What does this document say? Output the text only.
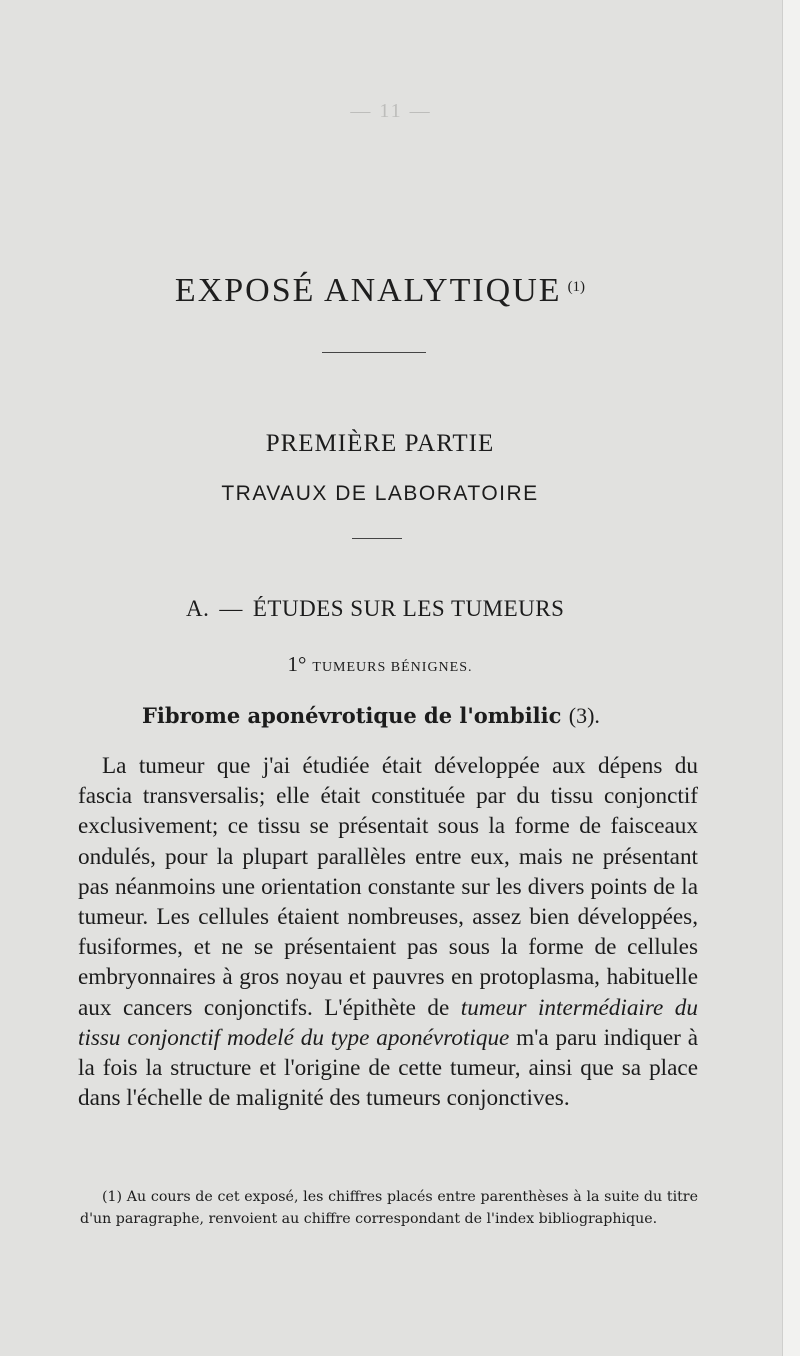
— 11 —
EXPOSÉ ANALYTIQUE $^{(1)}$
PREMIÈRE PARTIE
TRAVAUX DE LABORATOIRE
A. — ÉTUDES SUR LES TUMEURS
1° TUMEURS BÉNIGNES.
Fibrome aponévrotique de l'ombilic (3).

La tumeur que j'ai étudiée était développée aux dépens du fascia transversalis; elle était constituée par du tissu conjonctif exclusivement; ce tissu se présentait sous la forme de faisceaux ondulés, pour la plupart parallèles entre eux, mais ne présentant pas néanmoins une orientation constante sur les divers points de la tumeur. Les cellules étaient nombreuses, assez bien développées, fusiformes, et ne se présentaient pas sous la forme de cellules embryonnaires à gros noyau et pauvres en protoplasma, habituelle aux cancers conjonctifs. L'épithète de tumeur intermédiaire du tissu conjonctif modelé du type aponévrotique m'a paru indiquer à la fois la structure et l'origine de cette tumeur, ainsi que sa place dans l'échelle de malignité des tumeurs conjonctives.

(1) Au cours de cet exposé, les chiffres placés entre parenthèses à la suite du titre d'un paragraphe, renvoient au chiffre correspondant de l'index bibliographique.
